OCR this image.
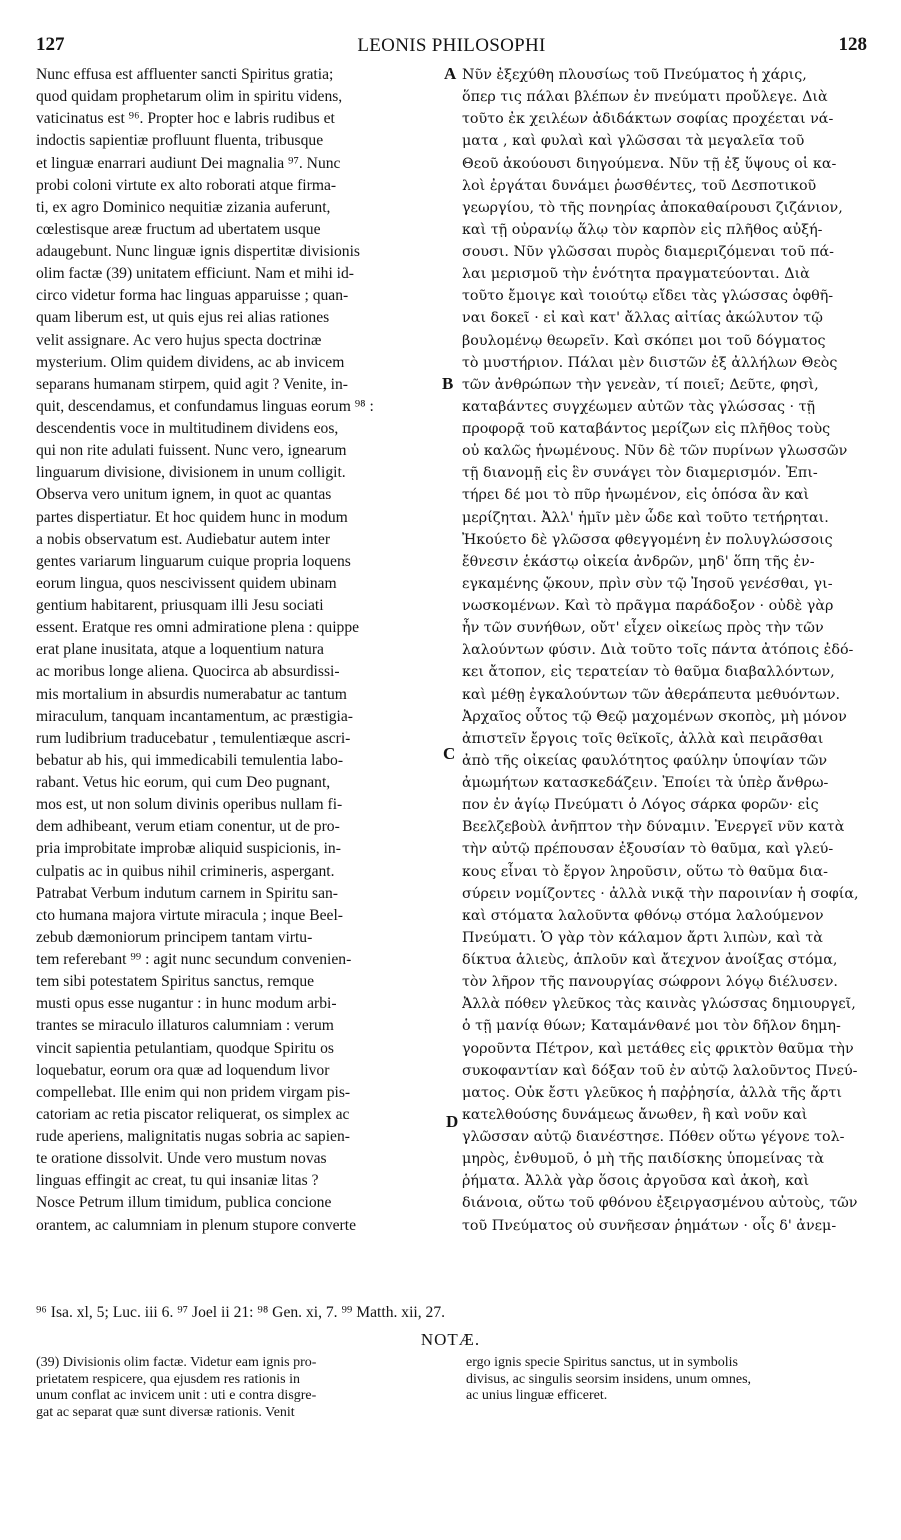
127	LEONIS PHILOSOPHI	128
Nunc effusa est affluenter sancti Spiritus gratia;
quod quidam prophetarum olim in spiritu videns,
vaticinatus est ⁹⁶. Propter hoc e labris rudibus et
indoctis sapientiæ profluunt fluenta, tribusque
et linguæ enarrari audiunt Dei magnalia ⁹⁷. Nunc
probi coloni virtute ex alto roborati atque firma-
ti, ex agro Dominico nequitiæ zizania auferunt,
cœlestisque areæ fructum ad ubertatem usque
adaugebunt. Nunc linguæ ignis dispertitæ divisionis
olim factæ (39) unitatem efficiunt. Nam et mihi id-
circo videtur forma hac linguas apparuisse ; quan-
quam liberum est, ut quis ejus rei alias rationes
velit assignare. Ac vero hujus specta doctrinæ
mysterium. Olim quidem dividens, ac ab invicem
separans humanam stirpem, quid agit ? Venite, in-
quit, descendamus, et confundamus linguas eorum ⁹⁸ :
descendentis voce in multitudinem dividens eos,
qui non rite adulati fuissent. Nunc vero, ignearum
linguarum divisione, divisionem in unum colligit.
Observa vero unitum ignem, in quot ac quantas
partes dispertiatur. Et hoc quidem hunc in modum
a nobis observatum est. Audiebatur autem inter
gentes variarum linguarum cuique propria loquens
eorum lingua, quos nescivissent quidem ubinam
gentium habitarent, priusquam illi Jesu sociati
essent. Eratque res omni admiratione plena : quippe
erat plane inusitata, atque a loquentium natura
ac moribus longe aliena. Quocirca ab absurdissi-
mis mortalium in absurdis numerabatur ac tantum
miraculum, tanquam incantamentum, ac præstigia-
rum ludibrium traducebatur , temulentiæque ascri-
bebatur ab his, qui immedicabili temulentia labo-
rabant. Vetus hic eorum, qui cum Deo pugnant,
mos est, ut non solum divinis operibus nullam fi-
dem adhibeant, verum etiam conentur, ut de pro-
pria improbitate improbæ aliquid suspicionis, in-
culpatis ac in quibus nihil crimineris, aspergant.
Patrabat Verbum indutum carnem in Spiritu san-
cto humana majora virtute miracula ; inque Beel-
zebub dæmoniorum principem tantam virtu-
tem referebant ⁹⁹ : agit nunc secundum convenien-
tem sibi potestatem Spiritus sanctus, remque
musti opus esse nugantur : in hunc modum arbi-
trantes se miraculo illaturos calumniam : verum
vincit sapientia petulantiam, quodque Spiritu os
loquebatur, eorum ora quæ ad loquendum livor
compellebat. Ille enim qui non pridem virgam pis-
catoriam ac retia piscator reliquerat, os simplex ac
rude aperiens, malignitatis nugas sobria ac sapien-
te oratione dissolvit. Unde vero mustum novas
linguas effingit ac creat, tu qui insaniæ litas ?
Nosce Petrum illum timidum, publica concione
orantem, ac calumniam in plenum stupore converte
Νῦν ἐξεχύθη πλουσίως τοῦ Πνεύματος ἡ χάρις,
ὅπερ τις πάλαι βλέπων ἐν πνεύματι προὔλεγε. Διὰ
τοῦτο ἐκ χειλέων ἀδιδάκτων σοφίας προχέεται νά-
ματα , καὶ φυλαὶ καὶ γλῶσσαι τὰ μεγαλεῖα τοῦ
Θεοῦ ἀκούουσι διηγούμενα. Νῦν τῇ ἐξ ὕψους οἱ κα-
λοὶ ἐργάται δυνάμει ῥωσθέντες, τοῦ Δεσποτικοῦ
γεωργίου, τὸ τῆς πονηρίας ἀποκαθαίρουσι ζιζάνιον,
καὶ τῇ οὐρανίῳ ἅλῳ τὸν καρπὸν εἰς πλῆθος αὐξή-
σουσι. Νῦν γλῶσσαι πυρὸς διαμεριζόμεναι τοῦ πά-
λαι μερισμοῦ τὴν ἑνότητα πραγματεύονται. Διὰ
τοῦτο ἔμοιγε καὶ τοιούτῳ εἴδει τὰς γλώσσας ὀφθῆ-
ναι δοκεῖ · εἰ καὶ κατ' ἄλλας αἰτίας ἀκώλυτον τῷ
βουλομένῳ θεωρεῖν. Καὶ σκόπει μοι τοῦ δόγματος
τὸ μυστήριον. Πάλαι μὲν διιστῶν ἐξ ἀλλήλων Θεὸς
τῶν ἀνθρώπων τὴν γενεὰν, τί ποιεῖ; Δεῦτε, φησὶ,
καταβάντες συγχέωμεν αὐτῶν τὰς γλώσσας · τῇ
προφορᾷ τοῦ καταβάντος μερίζων εἰς πλῆθος τοὺς
οὐ καλῶς ἡνωμένους. Νῦν δὲ τῶν πυρίνων γλωσσῶν
τῇ διανομῇ εἰς ἓν συνάγει τὸν διαμερισμόν. Ἐπι-
τήρει δέ μοι τὸ πῦρ ἡνωμένον, εἰς ὁπόσα ἂν καὶ
μερίζηται. Ἀλλ' ἡμῖν μὲν ὧδε καὶ τοῦτο τετήρηται.
Ἠκούετο δὲ γλῶσσα φθεγγομένη ἐν πολυγλώσσοις
ἔθνεσιν ἑκάστῳ οἰκεία ἀνδρῶν, μηδ' ὅπη τῆς ἐν-
εγκαμένης ᾤκουν, πρὶν σὺν τῷ Ἰησοῦ γενέσθαι, γι-
νωσκομένων. Καὶ τὸ πρᾶγμα παράδοξον · οὐδὲ γὰρ
ἦν τῶν συνήθων, οὔτ' εἶχεν οἰκείως πρὸς τὴν τῶν
λαλούντων φύσιν. Διὰ τοῦτο τοῖς πάντα ἀτόποις ἐδό-
κει ἄτοπον, εἰς τερατείαν τὸ θαῦμα διαβαλλόντων,
καὶ μέθῃ ἐγκαλούντων τῶν ἀθεράπευτα μεθυόντων.
Ἀρχαῖος οὗτος τῷ Θεῷ μαχομένων σκοπὸς, μὴ μόνον
ἀπιστεῖν ἔργοις τοῖς θεϊκοῖς, ἀλλὰ καὶ πειρᾶσθαι
ἀπὸ τῆς οἰκείας φαυλότητος φαύλην ὑποψίαν τῶν
ἀμωμήτων κατασκεδάζειν. Ἐποίει τὰ ὑπὲρ ἄνθρω-
πον ἐν ἁγίῳ Πνεύματι ὁ Λόγος σάρκα φορῶν· εἰς
Βεελζεβοὺλ ἀνῆπτον τὴν δύναμιν. Ἐνεργεῖ νῦν κατὰ
τὴν αὐτῷ πρέπουσαν ἐξουσίαν τὸ θαῦμα, καὶ γλεύ-
κους εἶναι τὸ ἔργον ληροῦσιν, οὕτω τὸ θαῦμα δια-
σύρειν νομίζοντες · ἀλλὰ νικᾷ τὴν παροινίαν ἡ σοφία,
καὶ στόματα λαλοῦντα φθόνῳ στόμα λαλούμενον
Πνεύματι. Ὁ γὰρ τὸν κάλαμον ἄρτι λιπὼν, καὶ τὰ
δίκτυα ἁλιεὺς, ἁπλοῦν καὶ ἄτεχνον ἀνοίξας στόμα,
τὸν λῆρον τῆς πανουργίας σώφρονι λόγῳ διέλυσεν.
Ἀλλὰ πόθεν γλεῦκος τὰς καινὰς γλώσσας δημιουργεῖ,
ὁ τῇ μανίᾳ θύων; Καταμάνθανέ μοι τὸν δῆλον δημη-
γοροῦντα Πέτρον, καὶ μετάθες εἰς φρικτὸν θαῦμα τὴν
συκοφαντίαν καὶ δόξαν τοῦ ἐν αὐτῷ λαλοῦντος Πνεύ-
ματος. Οὐκ ἔστι γλεῦκος ἡ παῤῥησία, ἀλλὰ τῆς ἄρτι
κατελθούσης δυνάμεως ἄνωθεν, ἣ καὶ νοῦν καὶ
γλῶσσαν αὐτῷ διανέστησε. Πόθεν οὕτω γέγονε τολ-
μηρὸς, ἐνθυμοῦ, ὁ μὴ τῆς παιδίσκης ὑπομείνας τὰ
ῥήματα. Ἀλλὰ γὰρ ὅσοις ἀργοῦσα καὶ ἀκοὴ, καὶ
διάνοια, οὕτω τοῦ φθόνου ἐξειργασμένου αὐτοὺς, τῶν
τοῦ Πνεύματος οὐ συνῆεσαν ῥημάτων · οἷς δ' ἀνεμ-
A
B
C
D
⁹⁶ Isa. xl, 5; Luc. iii 6. ⁹⁷ Joel ii 21: ⁹⁸ Gen. xi, 7. ⁹⁹ Matth. xii, 27.
NOTÆ.
(39) Divisionis olim factæ. Videtur eam ignis pro-
prietatem respicere, qua ejusdem res rationis in
unum conflat ac invicem unit : uti e contra disgre-
gat ac separat quæ sunt diversæ rationis. Venit
ergo ignis specie Spiritus sanctus, ut in symbolis
divisus, ac singulis seorsim insidens, unum omnes,
ac unius linguæ efficeret.
